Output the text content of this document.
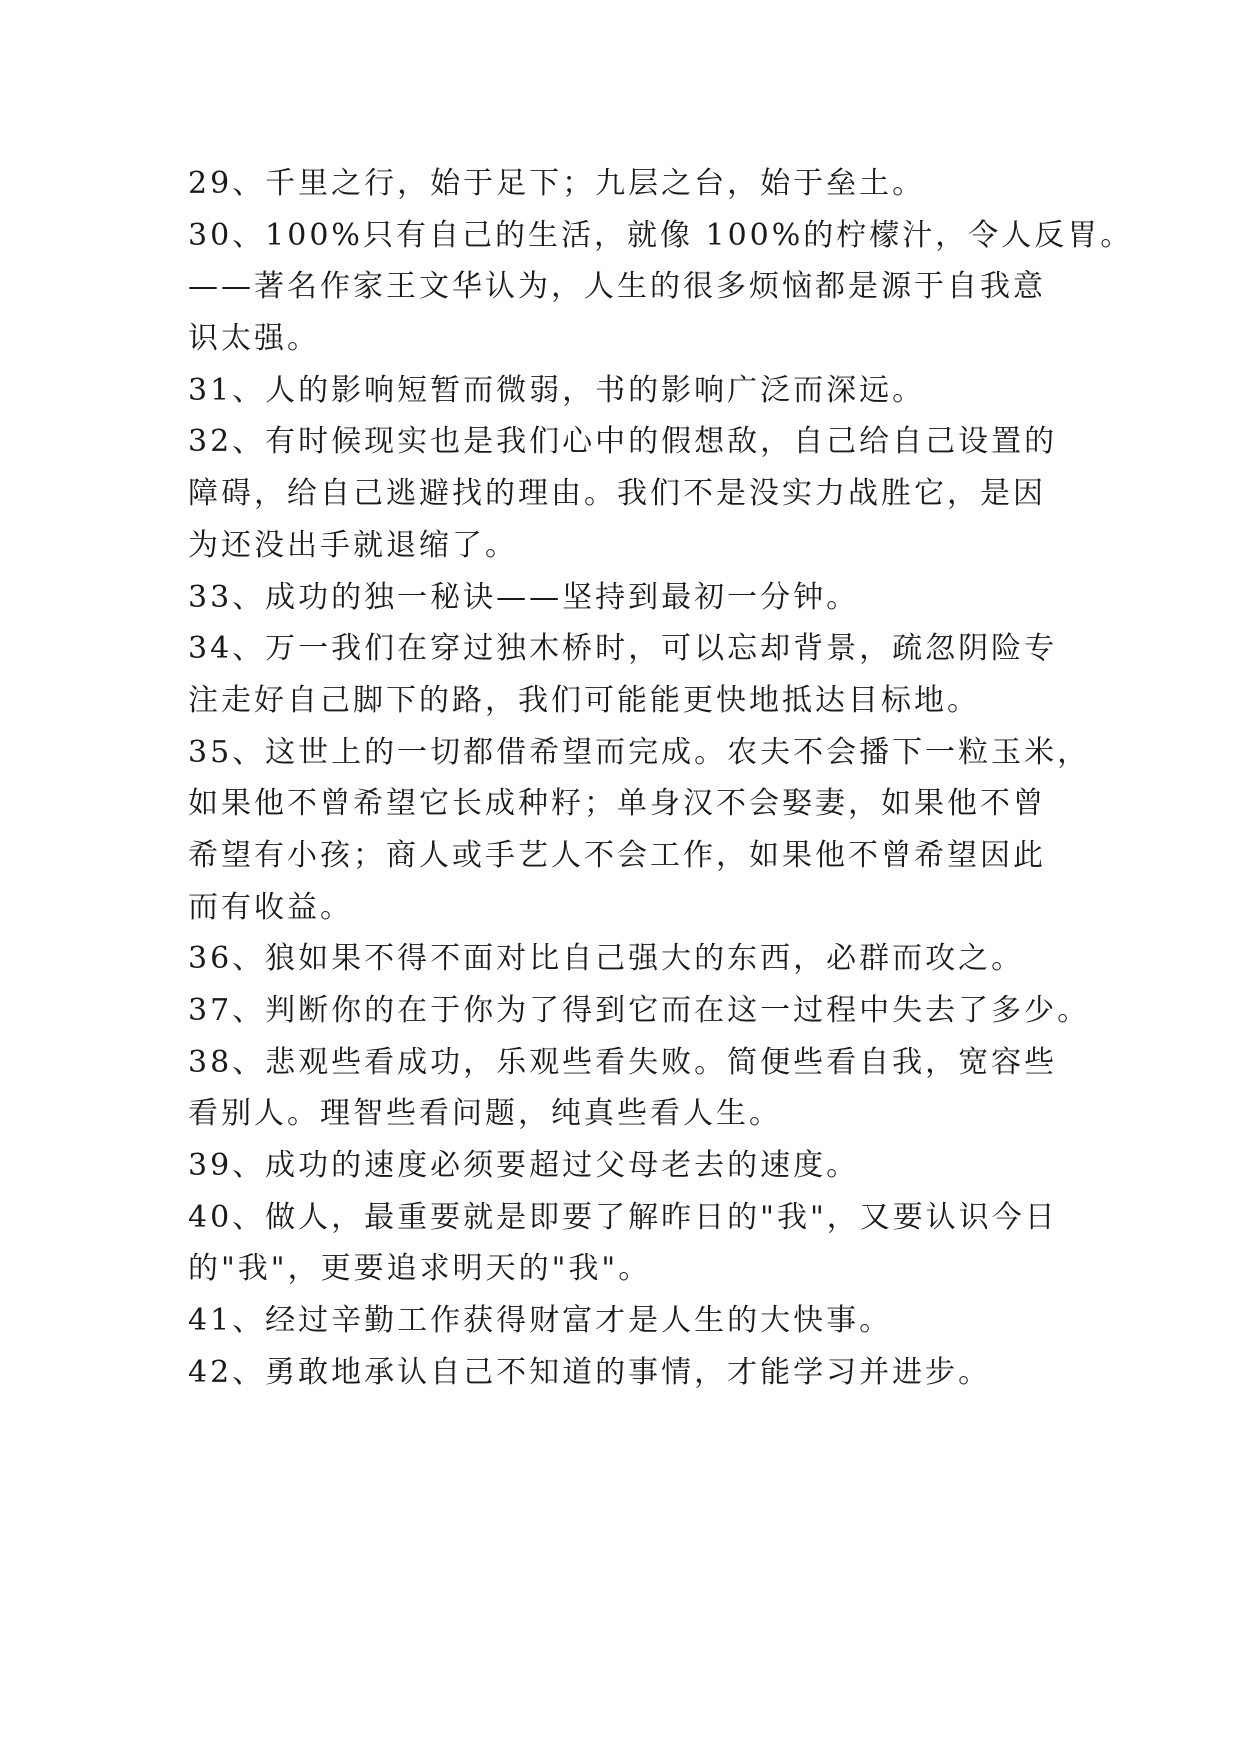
29、千里之行，始于足下；九层之台，始于垒土。
30、100%只有自己的生活，就像 100%的柠檬汁，令人反胃。
——著名作家王文华认为，人生的很多烦恼都是源于自我意
识太强。
31、人的影响短暂而微弱，书的影响广泛而深远。
32、有时候现实也是我们心中的假想敌，自己给自己设置的
障碍，给自己逃避找的理由。我们不是没实力战胜它，是因
为还没出手就退缩了。
33、成功的独一秘诀——坚持到最初一分钟。
34、万一我们在穿过独木桥时，可以忘却背景，疏忽阴险专
注走好自己脚下的路，我们可能能更快地抵达目标地。
35、这世上的一切都借希望而完成。农夫不会播下一粒玉米，
如果他不曾希望它长成种籽；单身汉不会娶妻，如果他不曾
希望有小孩；商人或手艺人不会工作，如果他不曾希望因此
而有收益。
36、狼如果不得不面对比自己强大的东西，必群而攻之。
37、判断你的在于你为了得到它而在这一过程中失去了多少。
38、悲观些看成功，乐观些看失败。简便些看自我，宽容些
看别人。理智些看问题，纯真些看人生。
39、成功的速度必须要超过父母老去的速度。
40、做人，最重要就是即要了解昨日的"我"，又要认识今日
的"我"，更要追求明天的"我"。
41、经过辛勤工作获得财富才是人生的大快事。
42、勇敢地承认自己不知道的事情，才能学习并进步。
